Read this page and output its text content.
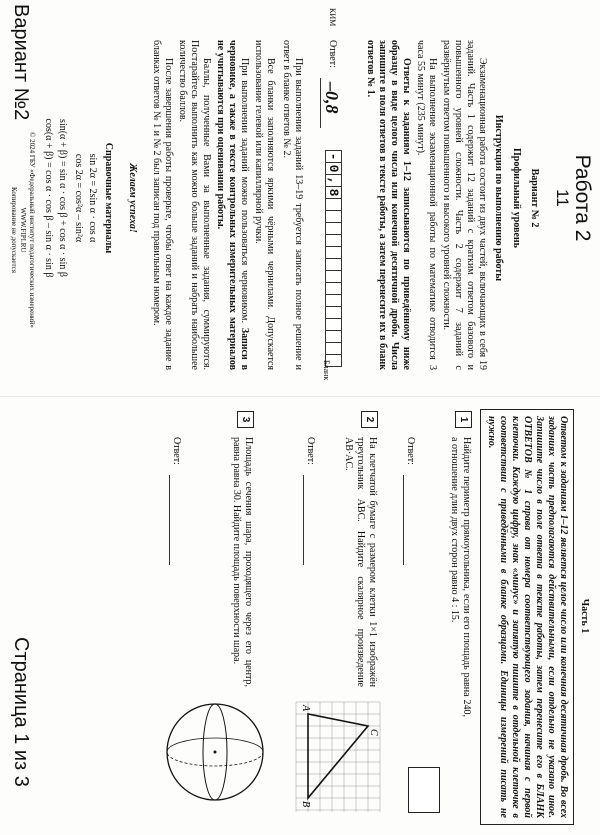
Работа 2
11
Вариант № 2
Профильный уровень
Инструкция по выполнению работы
Экзаменационная работа состоит из двух частей, включающих в себя 19 заданий. Часть 1 содержит 12 заданий с кратким ответом базового и повышенного уровней сложности. Часть 2 содержит 7 заданий с развёрнутым ответом повышенного и высокого уровней сложности.
На выполнение экзаменационной работы по математике отводится 3 часа 55 минут (235 минут).
Ответы к заданиям 1–12 записываются по приведённому ниже образцу в виде целого числа или конечной десятичной дроби. Числа запишите в поля ответов в тексте работы, а затем перенесите их в бланк ответов № 1.
КИМ
Ответ:
–0,8
-
0
,
8
Бланк
При выполнении заданий 13–19 требуется записать полное решение и ответ в бланке ответов № 2.
Все бланки заполняются яркими чёрными чернилами. Допускается использование гелевой или капиллярной ручки.
При выполнении заданий можно пользоваться черновиком. Записи в черновике, а также в тексте контрольных измерительных материалов не учитываются при оценивании работы.
Баллы, полученные Вами за выполненные задания, суммируются. Постарайтесь выполнить как можно больше заданий и набрать наибольшее количество баллов.
После завершения работы проверьте, чтобы ответ на каждое задание в бланках ответов № 1 и № 2 был записан под правильным номером.
Желаем успеха!
Справочные материалы
sin 2α = 2sin α · cos α
cos 2α = cos²α – sin²α
sin(α + β) = sin α · cos β + cos α · sin β
cos(α + β) = cos α · cos β – sin α · sin β
© 2024 ГБУ «Федеральный институт педагогических измерений» WWW.FIPI.RU
Копирование не допускается
Вариант №2
Часть 1
Ответом к заданиям 1–12 является целое число или конечная десятичная дробь. Во всех заданиях часть предполагаются действительными, если отдельно не указано иное. Запишите число в поле ответа в тексте работы, затем перенесите его в БЛАНК ОТВЕТОВ № 1 справа от номера соответствующего задания, начиная с первой клеточки. Каждую цифру, знак «минус» и запятую пишите в отдельной клеточке в соответствии с приведёнными в бланке образцами. Единицы измерений писать не нужно.
1
Найдите периметр прямоугольника, если его площадь равна 240, а отношение длин двух сторон равно 4 : 15.
Ответ:
2
На клетчатой бумаге с размером клетки 1×1 изображён треугольник ABC. Найдите скалярное произведение AB·AC.
Ответ:
A
B
C
3
Площадь сечения шара, проходящего через его центр, равна равна 30. Найдите площадь поверхности шара.
Ответ:
Страница 1 из 3
